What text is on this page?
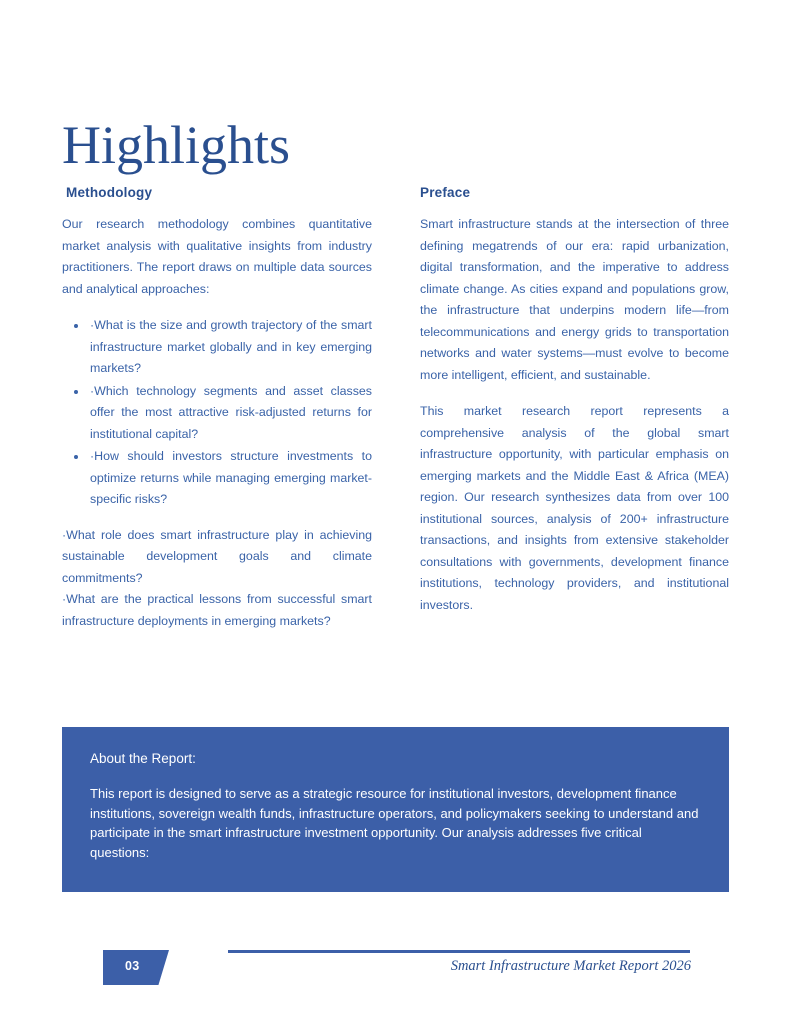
Highlights
Methodology

Our research methodology combines quantitative market analysis with qualitative insights from industry practitioners. The report draws on multiple data sources and analytical approaches:

• ·What is the size and growth trajectory of the smart infrastructure market globally and in key emerging markets?
• ·Which technology segments and asset classes offer the most attractive risk-adjusted returns for institutional capital?
• ·How should investors structure investments to optimize returns while managing emerging market-specific risks?

·What role does smart infrastructure play in achieving sustainable development goals and climate commitments?

·What are the practical lessons from successful smart infrastructure deployments in emerging markets?

Preface

Smart infrastructure stands at the intersection of three defining megatrends of our era: rapid urbanization, digital transformation, and the imperative to address climate change. As cities expand and populations grow, the infrastructure that underpins modern life—from telecommunications and energy grids to transportation networks and water systems—must evolve to become more intelligent, efficient, and sustainable.

This market research report represents a comprehensive analysis of the global smart infrastructure opportunity, with particular emphasis on emerging markets and the Middle East & Africa (MEA) region. Our research synthesizes data from over 100 institutional sources, analysis of 200+ infrastructure transactions, and insights from extensive stakeholder consultations with governments, development finance institutions, technology providers, and institutional investors.

About the Report:

This report is designed to serve as a strategic resource for institutional investors, development finance institutions, sovereign wealth funds, infrastructure operators, and policymakers seeking to understand and participate in the smart infrastructure investment opportunity. Our analysis addresses five critical questions:

03	Smart Infrastructure Market Report 2026
